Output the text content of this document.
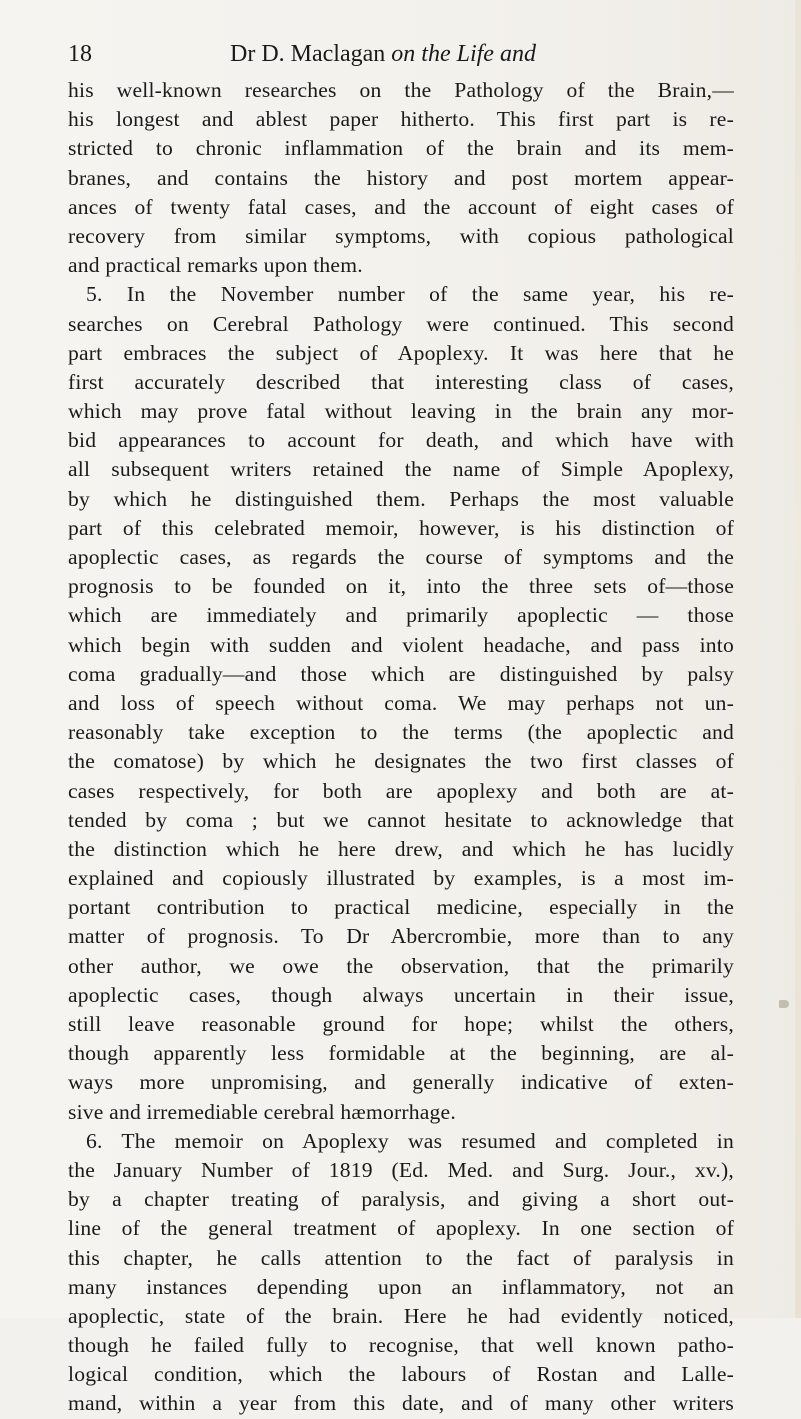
18	Dr D. Maclagan on the Life and
his well-known researches on the Pathology of the Brain,—
his longest and ablest paper hitherto. This first part is re-
stricted to chronic inflammation of the brain and its mem-
branes, and contains the history and post mortem appear-
ances of twenty fatal cases, and the account of eight cases of
recovery from similar symptoms, with copious pathological
and practical remarks upon them.
5. In the November number of the same year, his re-
searches on Cerebral Pathology were continued. This second
part embraces the subject of Apoplexy. It was here that he
first accurately described that interesting class of cases,
which may prove fatal without leaving in the brain any mor-
bid appearances to account for death, and which have with
all subsequent writers retained the name of Simple Apoplexy,
by which he distinguished them. Perhaps the most valuable
part of this celebrated memoir, however, is his distinction of
apoplectic cases, as regards the course of symptoms and the
prognosis to be founded on it, into the three sets of—those
which are immediately and primarily apoplectic — those
which begin with sudden and violent headache, and pass into
coma gradually—and those which are distinguished by palsy
and loss of speech without coma. We may perhaps not un-
reasonably take exception to the terms (the apoplectic and
the comatose) by which he designates the two first classes of
cases respectively, for both are apoplexy and both are at-
tended by coma ; but we cannot hesitate to acknowledge that
the distinction which he here drew, and which he has lucidly
explained and copiously illustrated by examples, is a most im-
portant contribution to practical medicine, especially in the
matter of prognosis. To Dr Abercrombie, more than to any
other author, we owe the observation, that the primarily
apoplectic cases, though always uncertain in their issue,
still leave reasonable ground for hope; whilst the others,
though apparently less formidable at the beginning, are al-
ways more unpromising, and generally indicative of exten-
sive and irremediable cerebral hæmorrhage.
6. The memoir on Apoplexy was resumed and completed in
the January Number of 1819 (Ed. Med. and Surg. Jour., xv.),
by a chapter treating of paralysis, and giving a short out-
line of the general treatment of apoplexy. In one section of
this chapter, he calls attention to the fact of paralysis in
many instances depending upon an inflammatory, not an
apoplectic, state of the brain. Here he had evidently noticed,
though he failed fully to recognise, that well known patho-
logical condition, which the labours of Rostan and Lalle-
mand, within a year from this date, and of many other writers
